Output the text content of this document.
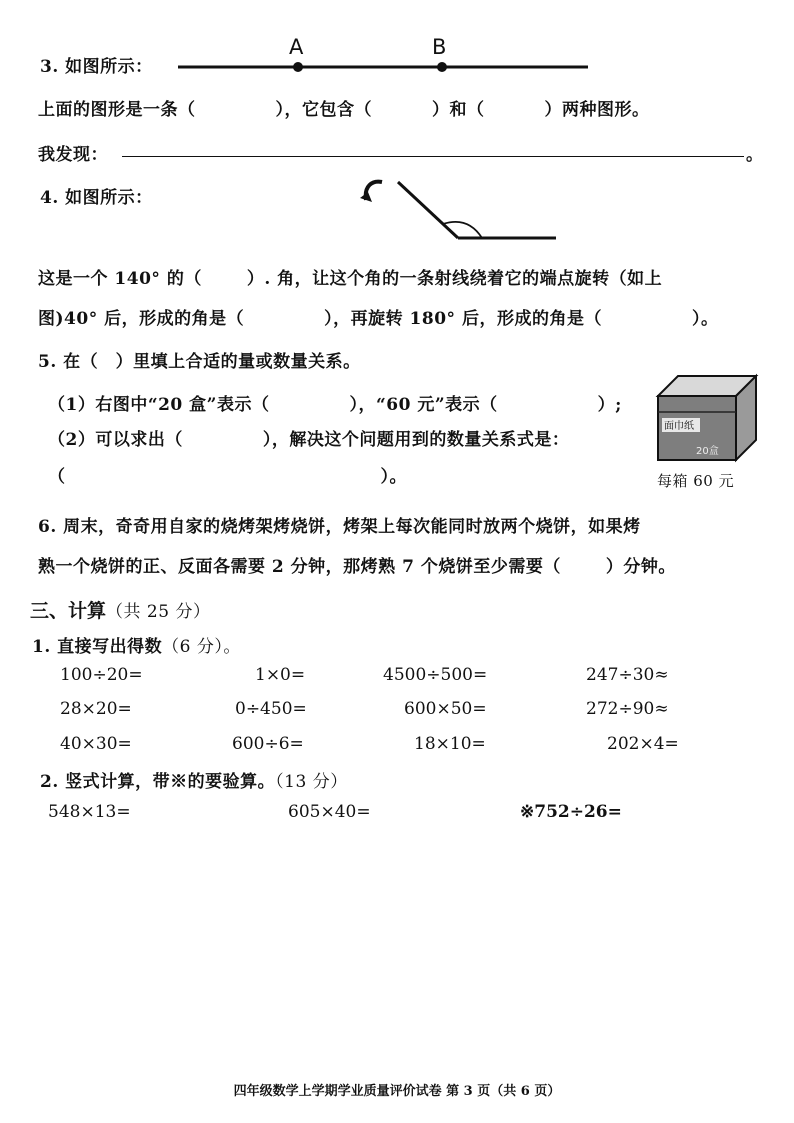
3. 如图所示：
A	B
上面的图形是一条（	），它包含（	）和（	）两种图形。
我发现：	。
4. 如图所示：
这是一个 140° 的（	）. 角，让这个角的一条射线绕着它的端点旋转（如上
图)40° 后，形成的角是（	），再旋转 180° 后，形成的角是（	）。
5. 在（　）里填上合适的量或数量关系。
（1）右图中“20 盒”表示（	），“60 元”表示（	）;
（2）可以求出（	），解决这个问题用到的数量关系式是：
（	）。
面巾纸
20盒
每箱 60 元
6. 周末，奇奇用自家的烧烤架烤烧饼，烤架上每次能同时放两个烧饼，如果烤
熟一个烧饼的正、反面各需要 2 分钟，那烤熟 7 个烧饼至少需要（	）分钟。
三、计算（共 25 分）
1. 直接写出得数（6 分）。
100÷20=	1×0=	4500÷500=	247÷30≈
28×20=	0÷450=	600×50=	272÷90≈
40×30=	600÷6=	18×10=	202×4=
2. 竖式计算，带※的要验算。（13 分）
548×13=	605×40=	※752÷26=
四年级数学上学期学业质量评价试卷 第 3 页（共 6 页）
